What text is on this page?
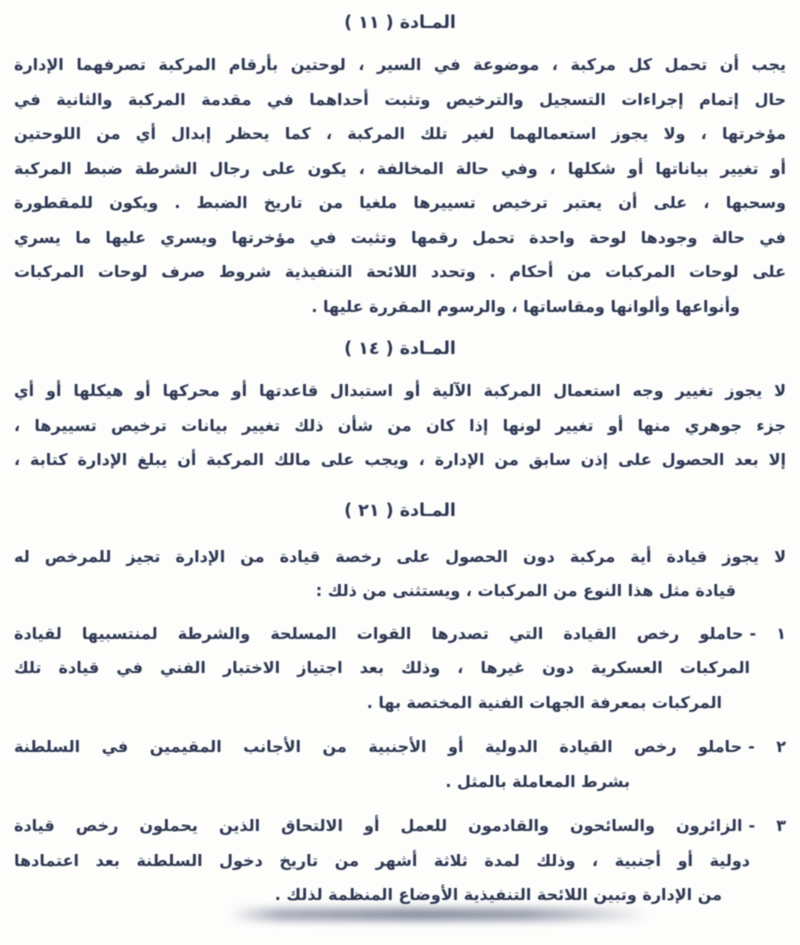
المـادة ( ١١ )
يجب أن تحمل كل مركبة ، موضوعة في السير ، لوحتين بأرقام المركبة تصرفهما الإدارة
حال إتمام إجراءات التسجيل والترخيص وتثبت أحداهما في مقدمة المركبة والثانية في
مؤخرتها ، ولا يجوز استعمالهما لغير تلك المركبة ، كما يحظر إبدال أي من اللوحتين
أو تغيير بياناتها أو شكلها ، وفي حالة المخالفة ، يكون على رجال الشرطة ضبط المركبة
وسحبها ، على أن يعتبر ترخيص تسييرها ملغيا من تاريخ الضبط . ويكون للمقطورة
في حالة وجودها لوحة واحدة تحمل رقمها وتثبت في مؤخرتها ويسري عليها ما يسري
على لوحات المركبات من أحكام . وتحدد اللائحة التنفيذية شروط صرف لوحات المركبات
وأنواعها وألوانها ومقاساتها ، والرسوم المقررة عليها .
المـادة ( ١٤ )
لا يجوز تغيير وجه استعمال المركبة الآلية أو استبدال قاعدتها أو محركها أو هيكلها أو أي
جزء جوهري منها أو تغيير لونها إذا كان من شأن ذلك تغيير بيانات ترخيص تسييرها ،
إلا بعد الحصول على إذن سابق من الإدارة ، ويجب على مالك المركبة أن يبلغ الإدارة كتابة ،
المـادة ( ٢١ )
لا يجوز قيادة أية مركبة دون الحصول على رخصة قيادة من الإدارة تجيز للمرخص له
قيادة مثل هذا النوع من المركبات ، ويستثنى من ذلك :
١ -حاملو رخص القيادة التي تصدرها القوات المسلحة والشرطة لمنتسبيها لقيادة
المركبات العسكرية دون غيرها ، وذلك بعد اجتياز الاختبار الفني في قيادة تلك
المركبات بمعرفة الجهات الفنية المختصة بها .
٢ -حاملو رخص القيادة الدولية أو الأجنبية من الأجانب المقيمين في السلطنة
بشرط المعاملة بالمثل .
٣ -الزائرون والسائحون والقادمون للعمل أو الالتحاق الذين يحملون رخص قيادة
دولية أو أجنبية ، وذلك لمدة ثلاثة أشهر من تاريخ دخول السلطنة بعد اعتمادها
من الإدارة وتبين اللائحة التنفيذية الأوضاع المنظمة لذلك .
